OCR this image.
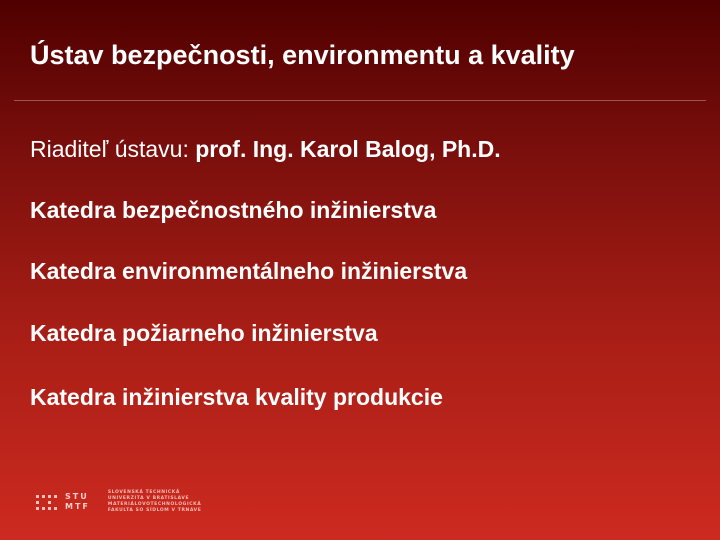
Ústav bezpečnosti, environmentu a kvality
Riaditeľ ústavu: prof. Ing. Karol Balog, Ph.D.
Katedra bezpečnostného inžinierstva
Katedra environmentálneho inžinierstva
Katedra požiarneho inžinierstva
Katedra inžinierstva kvality produkcie
STU
MTF
SLOVENSKÁ TECHNICKÁ
UNIVERZITA V BRATISLAVE
MATERIÁLOVOTECHNOLOGICKÁ
FAKULTA SO SÍDLOM V TRNAVE
